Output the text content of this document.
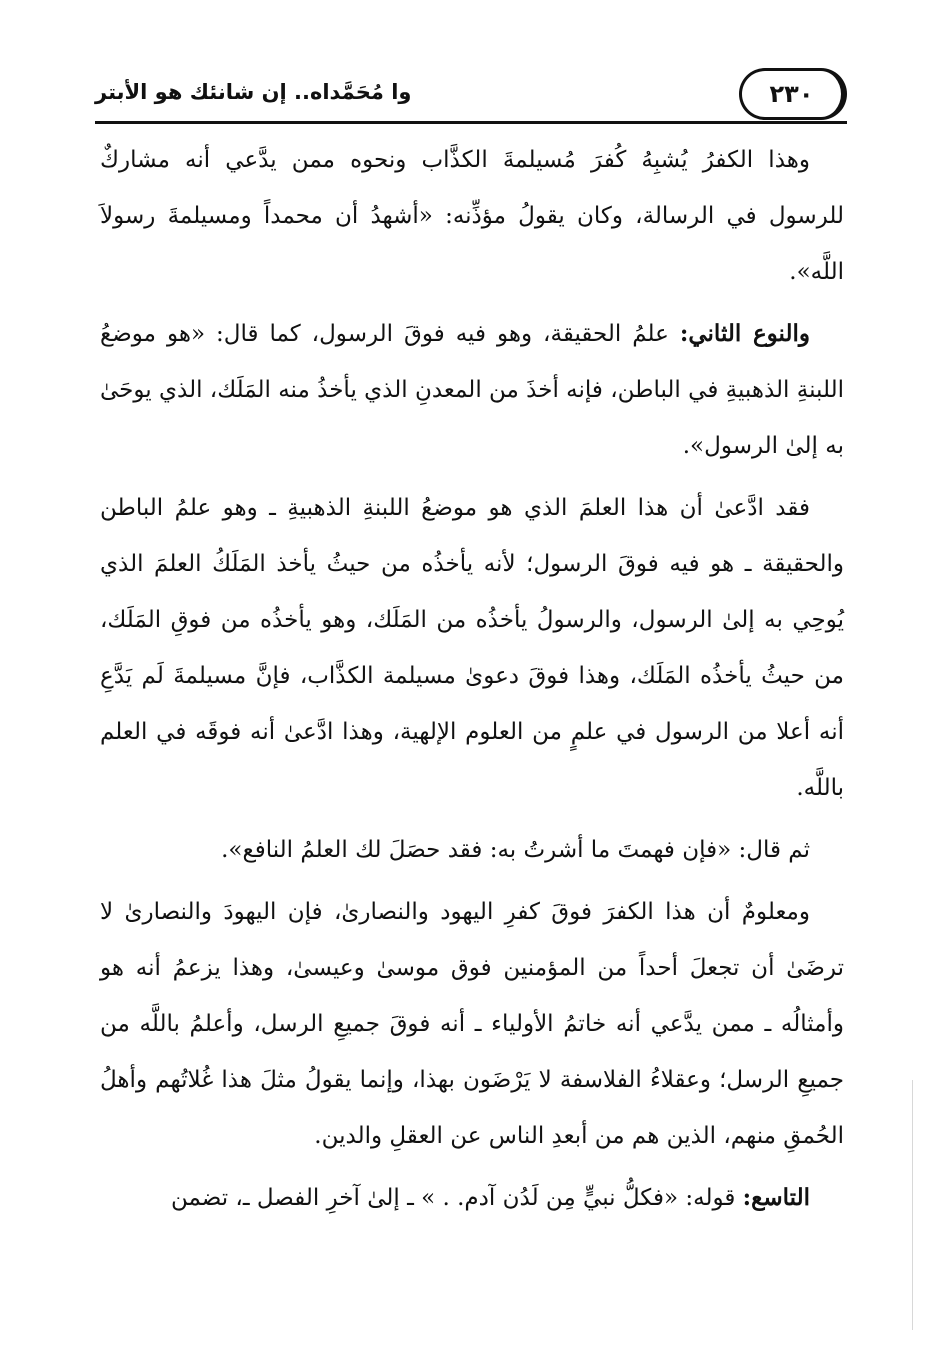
٢٣٠
وا مُحَمَّداه.. إن شانئك هو الأبتر

وهذا الكفرُ يُشبِهُ كُفرَ مُسيلمةَ الكذَّاب ونحوه ممن يدَّعي أنه مشاركٌ للرسول في الرسالة، وكان يقولُ مؤذِّنه: «أشهدُ أن محمداً ومسيلمةَ رسولاَ اللَّه».

والنوع الثاني: علمُ الحقيقة، وهو فيه فوقَ الرسول، كما قال: «هو موضعُ اللبنةِ الذهبيةِ في الباطن، فإنه أخذَ من المعدنِ الذي يأخذُ منه المَلَك، الذي يوحَىٰ به إلىٰ الرسول».

فقد ادَّعىٰ أن هذا العلمَ الذي هو موضعُ اللبنةِ الذهبيةِ ـ وهو علمُ الباطن والحقيقة ـ هو فيه فوقَ الرسول؛ لأنه يأخذُه من حيثُ يأخذ المَلَكُ العلمَ الذي يُوحِي به إلىٰ الرسول، والرسولُ يأخذُه من المَلَك، وهو يأخذُه من فوقِ المَلَك، من حيثُ يأخذُه المَلَك، وهذا فوقَ دعوىٰ مسيلمة الكذَّاب، فإنَّ مسيلمةَ لَم يَدَّعِ أنه أعلا من الرسول في علمٍ من العلوم الإلهية، وهذا ادَّعىٰ أنه فوقَه في العلم باللَّه.

ثم قال: «فإن فهمتَ ما أشرتُ به: فقد حصَلَ لك العلمُ النافع».

ومعلومٌ أن هذا الكفرَ فوقَ كفرِ اليهود والنصارىٰ، فإن اليهودَ والنصارىٰ لا ترضَىٰ أن تجعلَ أحداً من المؤمنين فوق موسىٰ وعيسىٰ، وهذا يزعمُ أنه هو وأمثالُه ـ ممن يدَّعي أنه خاتمُ الأولياء ـ أنه فوقَ جميعِ الرسل، وأعلمُ باللَّه من جميعِ الرسل؛ وعقلاءُ الفلاسفة لا يَرْضَون بهذا، وإنما يقولُ مثلَ هذا غُلاتُهم وأهلُ الحُمقِ منهم، الذين هم من أبعدِ الناس عن العقلِ والدين.

التاسع: قوله: «فكلُّ نبيٍّ مِن لَدُن آدم. . » ـ إلىٰ آخرِ الفصل ـ، تضمن
